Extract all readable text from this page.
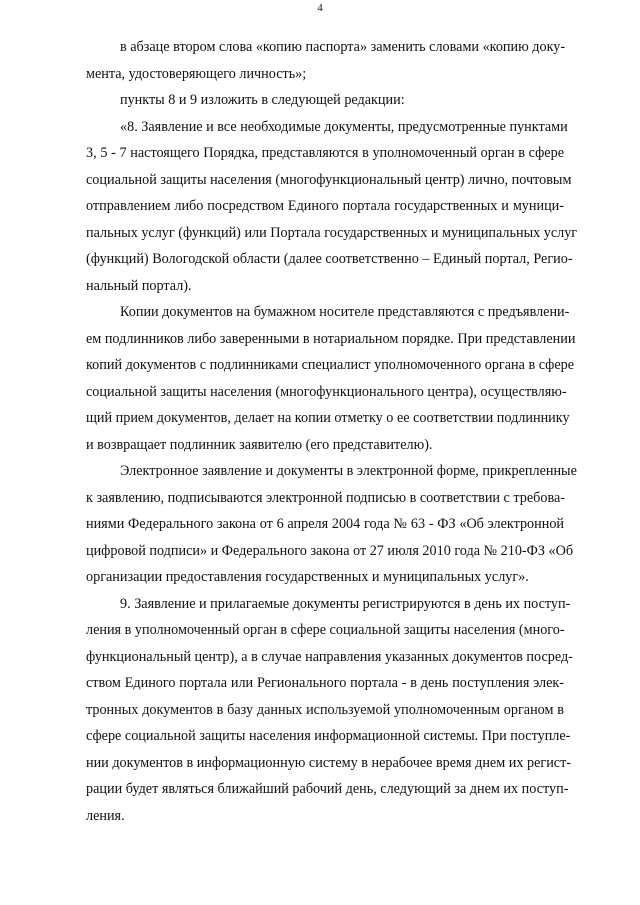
4
в абзаце втором слова «копию паспорта» заменить словами «копию доку-
мента, удостоверяющего личность»;
пункты 8 и 9 изложить в следующей редакции:
«8. Заявление и все необходимые документы, предусмотренные пунктами
3, 5 - 7 настоящего Порядка, представляются в уполномоченный орган в сфере
социальной защиты населения (многофункциональный центр) лично, почтовым
отправлением либо посредством Единого портала государственных и муници-
пальных услуг (функций) или Портала государственных и муниципальных услуг
(функций) Вологодской области (далее соответственно – Единый портал, Регио-
нальный портал).
Копии документов на бумажном носителе представляются с предъявлени-
ем подлинников либо заверенными в нотариальном порядке. При представлении
копий документов с подлинниками специалист уполномоченного органа в сфере
социальной защиты населения (многофункционального центра), осуществляю-
щий прием документов, делает на копии отметку о ее соответствии подлиннику
и возвращает подлинник заявителю (его представителю).
Электронное заявление и документы в электронной форме, прикрепленные
к заявлению, подписываются электронной подписью в соответствии с требова-
ниями Федерального закона от 6 апреля 2004 года № 63 - ФЗ «Об электронной
цифровой подписи» и Федерального закона от 27 июля 2010 года № 210-ФЗ «Об
организации предоставления государственных и муниципальных услуг».
9. Заявление и прилагаемые документы регистрируются в день их поступ-
ления в уполномоченный орган в сфере социальной защиты населения (много-
функциональный центр), а в случае направления указанных документов посред-
ством Единого портала или Регионального портала - в день поступления элек-
тронных документов в базу данных используемой уполномоченным органом в
сфере социальной защиты населения информационной системы. При поступле-
нии документов в информационную систему в нерабочее время днем их регист-
рации будет являться ближайший рабочий день, следующий за днем их поступ-
ления.
